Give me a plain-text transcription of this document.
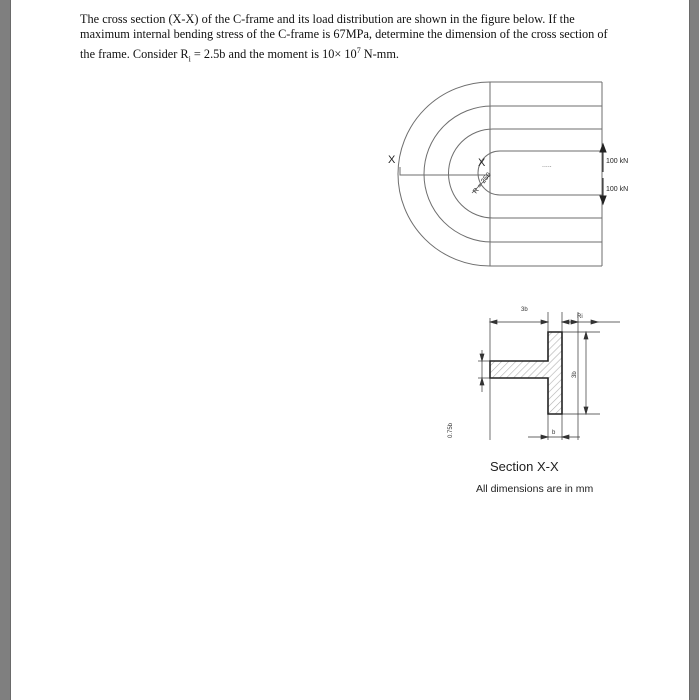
The cross section (X-X) of the C-frame and its load distribution are shown in the figure below. If the
maximum internal bending stress of the C-frame is 67MPa, determine the dimension of the cross section of
the frame. Consider $R_i = 2.5b$ and the moment is $10\times 10^7$ N-mm.

X	X
R = 250
.....
100 kN
100 kN
3b
Ri
3b
0.75b	b
Section X-X
All dimensions are in mm
